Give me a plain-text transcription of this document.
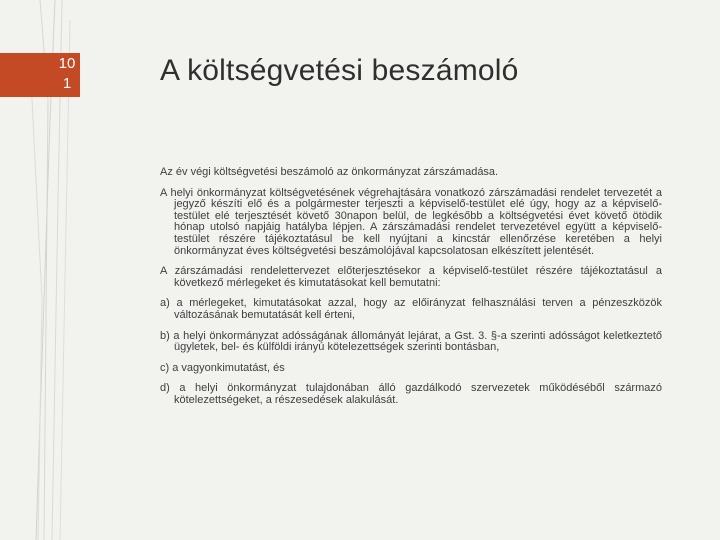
10
1	A költségvetési beszámoló

Az év végi költségvetési beszámoló az önkormányzat zárszámadása.

A helyi önkormányzat költségvetésének végrehajtására vonatkozó zárszámadási rendelet tervezetét a jegyző készíti elő és a polgármester terjeszti a képviselő-testület elé úgy, hogy az a képviselő-testület elé terjesztését követő 30napon belül, de legkésőbb a költségvetési évet követő ötödik hónap utolsó napjáig hatályba lépjen. A zárszámadási rendelet tervezetével együtt a képviselő-testület részére tájékoztatásul be kell nyújtani a kincstár ellenőrzése keretében a helyi önkormányzat éves költségvetési beszámolójával kapcsolatosan elkészített jelentését.

A zárszámadási rendelettervezet előterjesztésekor a képviselő-testület részére tájékoztatásul a következő mérlegeket és kimutatásokat kell bemutatni:

a) a mérlegeket, kimutatásokat azzal, hogy az előirányzat felhasználási terven a pénzeszközök változásának bemutatását kell érteni,

b) a helyi önkormányzat adósságának állományát lejárat, a Gst. 3. §-a szerinti adósságot keletkeztető ügyletek, bel- és külföldi irányú kötelezettségek szerinti bontásban,

c) a vagyonkimutatást, és

d) a helyi önkormányzat tulajdonában álló gazdálkodó szervezetek működéséből származó kötelezettségeket, a részesedések alakulását.
